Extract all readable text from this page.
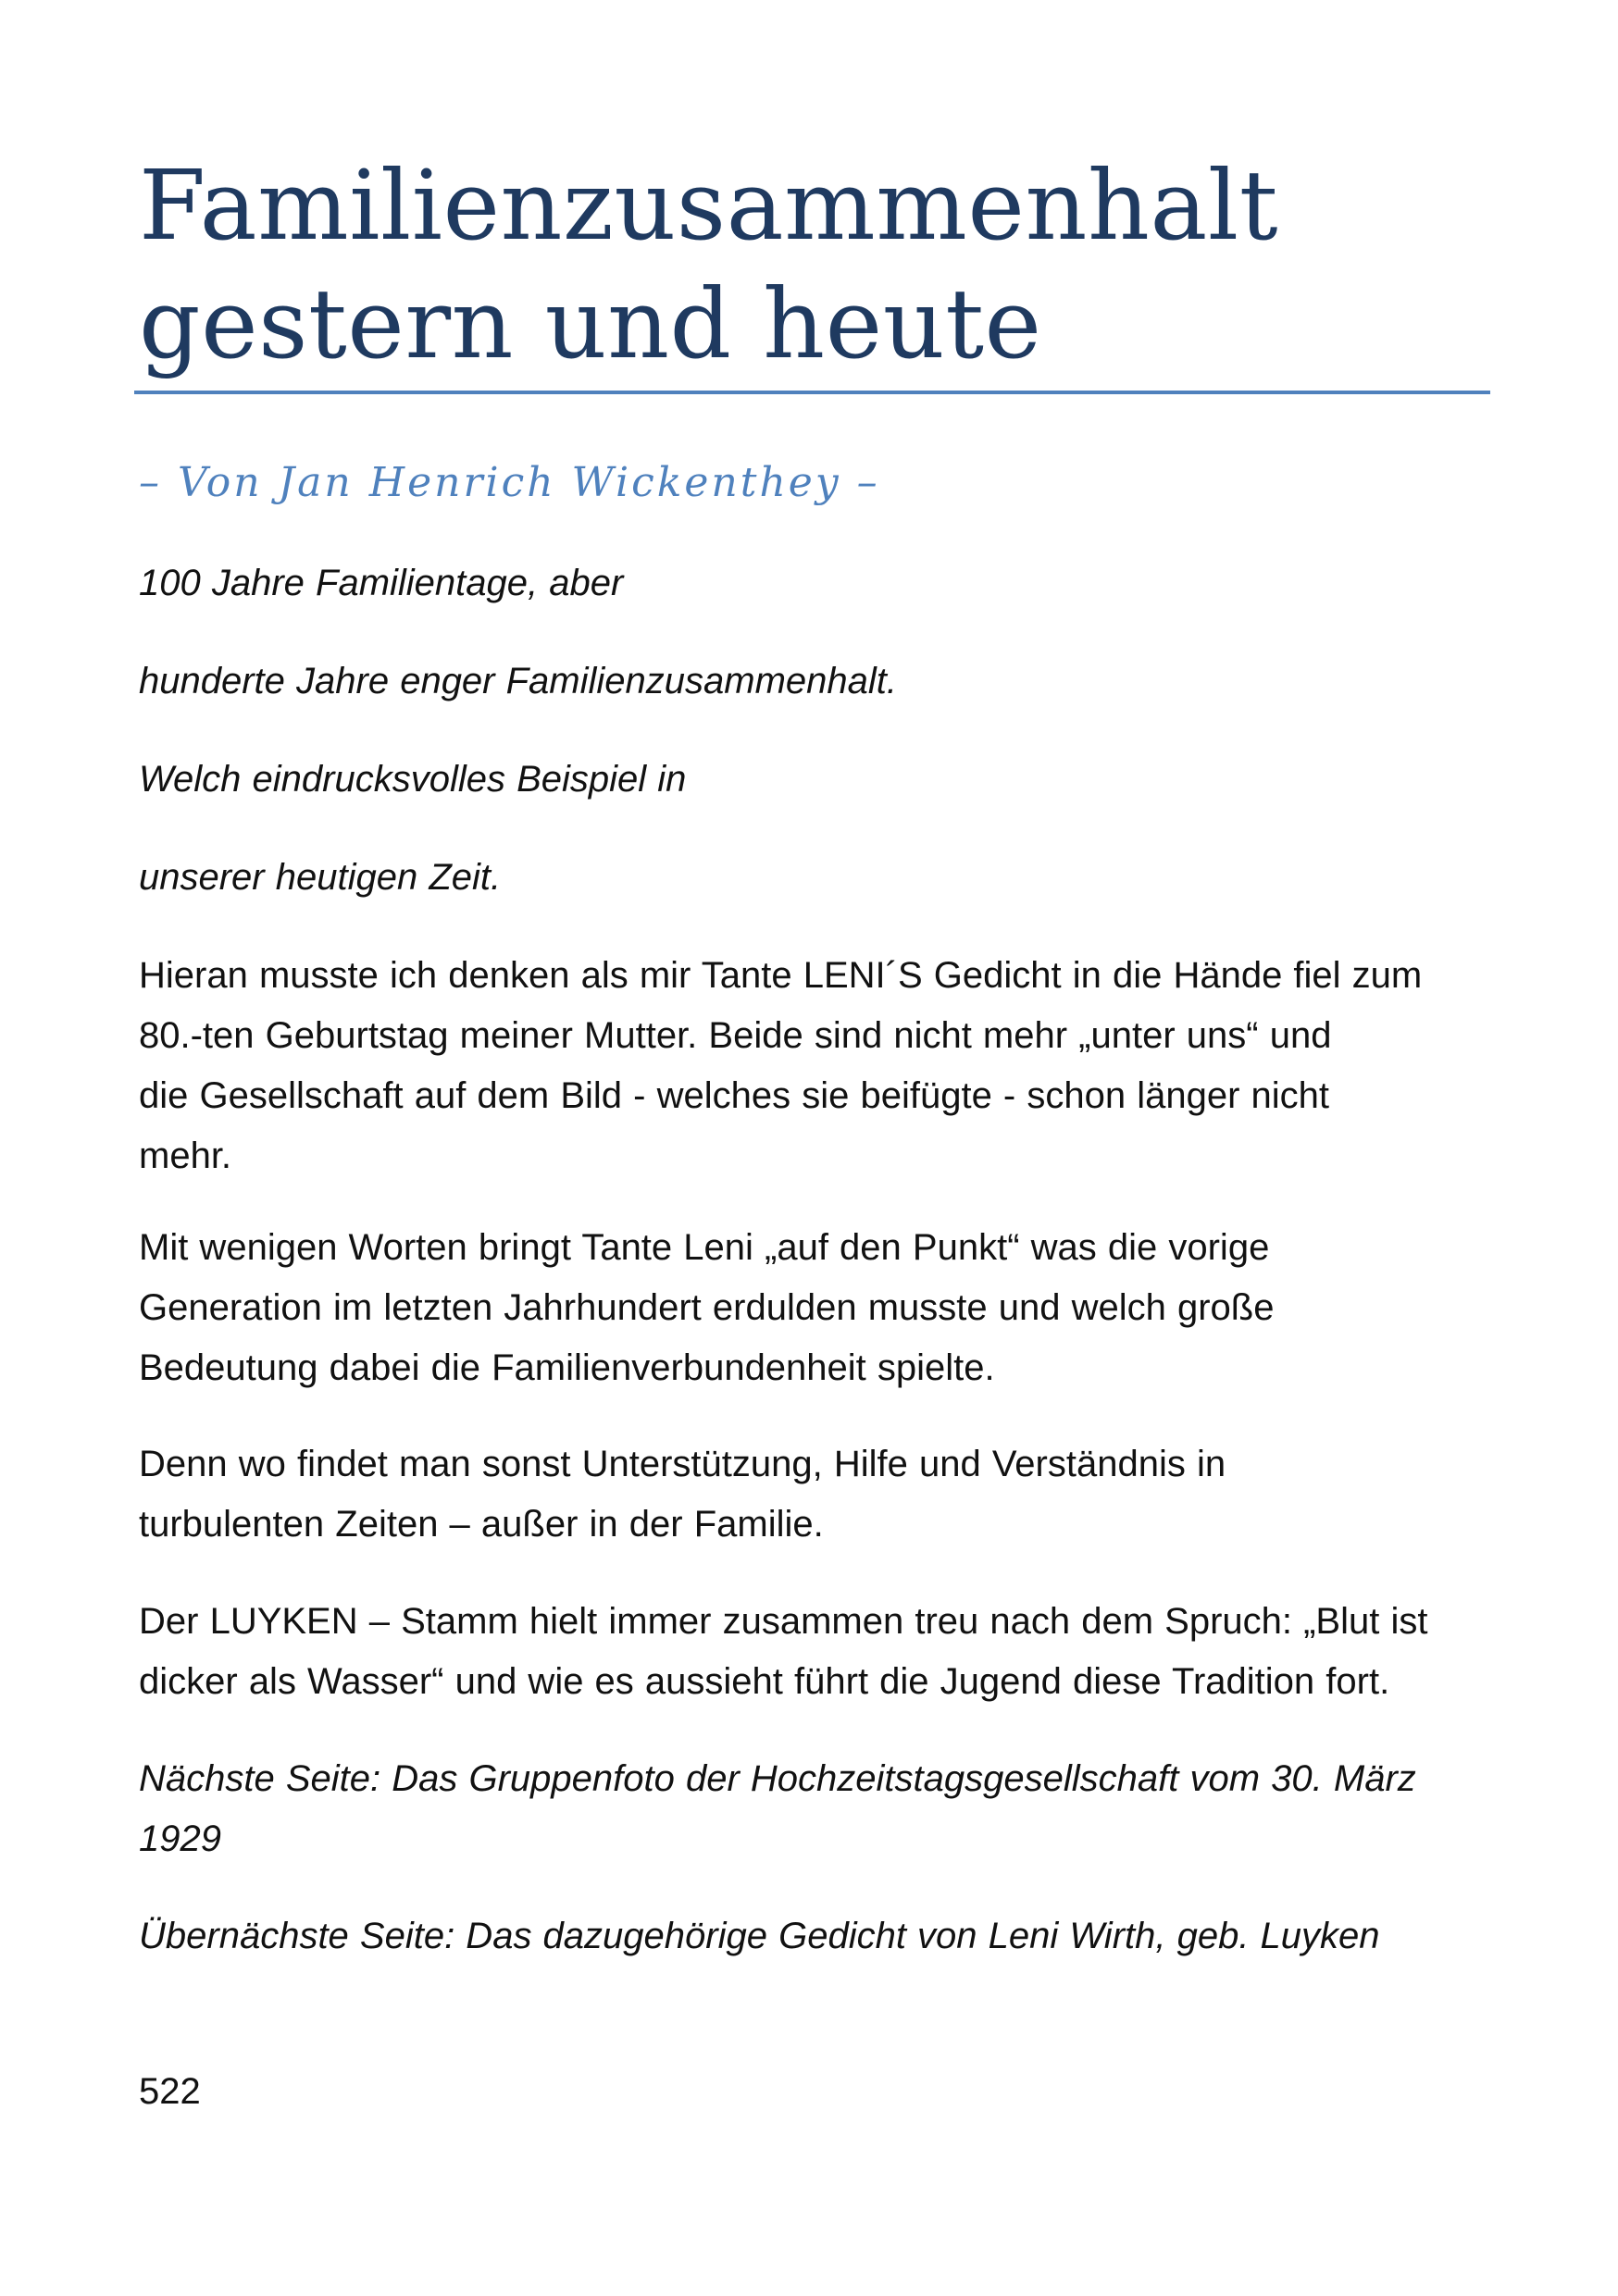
Familienzusammenhalt
gestern und heute
– Von Jan Henrich Wickenthey –

100 Jahre Familientage, aber

hunderte Jahre enger Familienzusammenhalt.

Welch eindrucksvolles Beispiel in

unserer heutigen Zeit.

Hieran musste ich denken als mir Tante LENI´S Gedicht in die Hände fiel zum
80.-ten Geburtstag meiner Mutter. Beide sind nicht mehr „unter uns“ und
die Gesellschaft auf dem Bild - welches sie beifügte - schon länger nicht
mehr.

Mit wenigen Worten bringt Tante Leni „auf den Punkt“ was die vorige
Generation im letzten Jahrhundert erdulden musste und welch große
Bedeutung dabei die Familienverbundenheit spielte.

Denn wo findet man sonst Unterstützung, Hilfe und Verständnis in
turbulenten Zeiten – außer in der Familie.

Der LUYKEN – Stamm hielt immer zusammen treu nach dem Spruch: „Blut ist
dicker als Wasser“ und wie es aussieht führt die Jugend diese Tradition fort.

Nächste Seite: Das Gruppenfoto der Hochzeitstagsgesellschaft vom 30. März
1929

Übernächste Seite: Das dazugehörige Gedicht von Leni Wirth, geb. Luyken

522
